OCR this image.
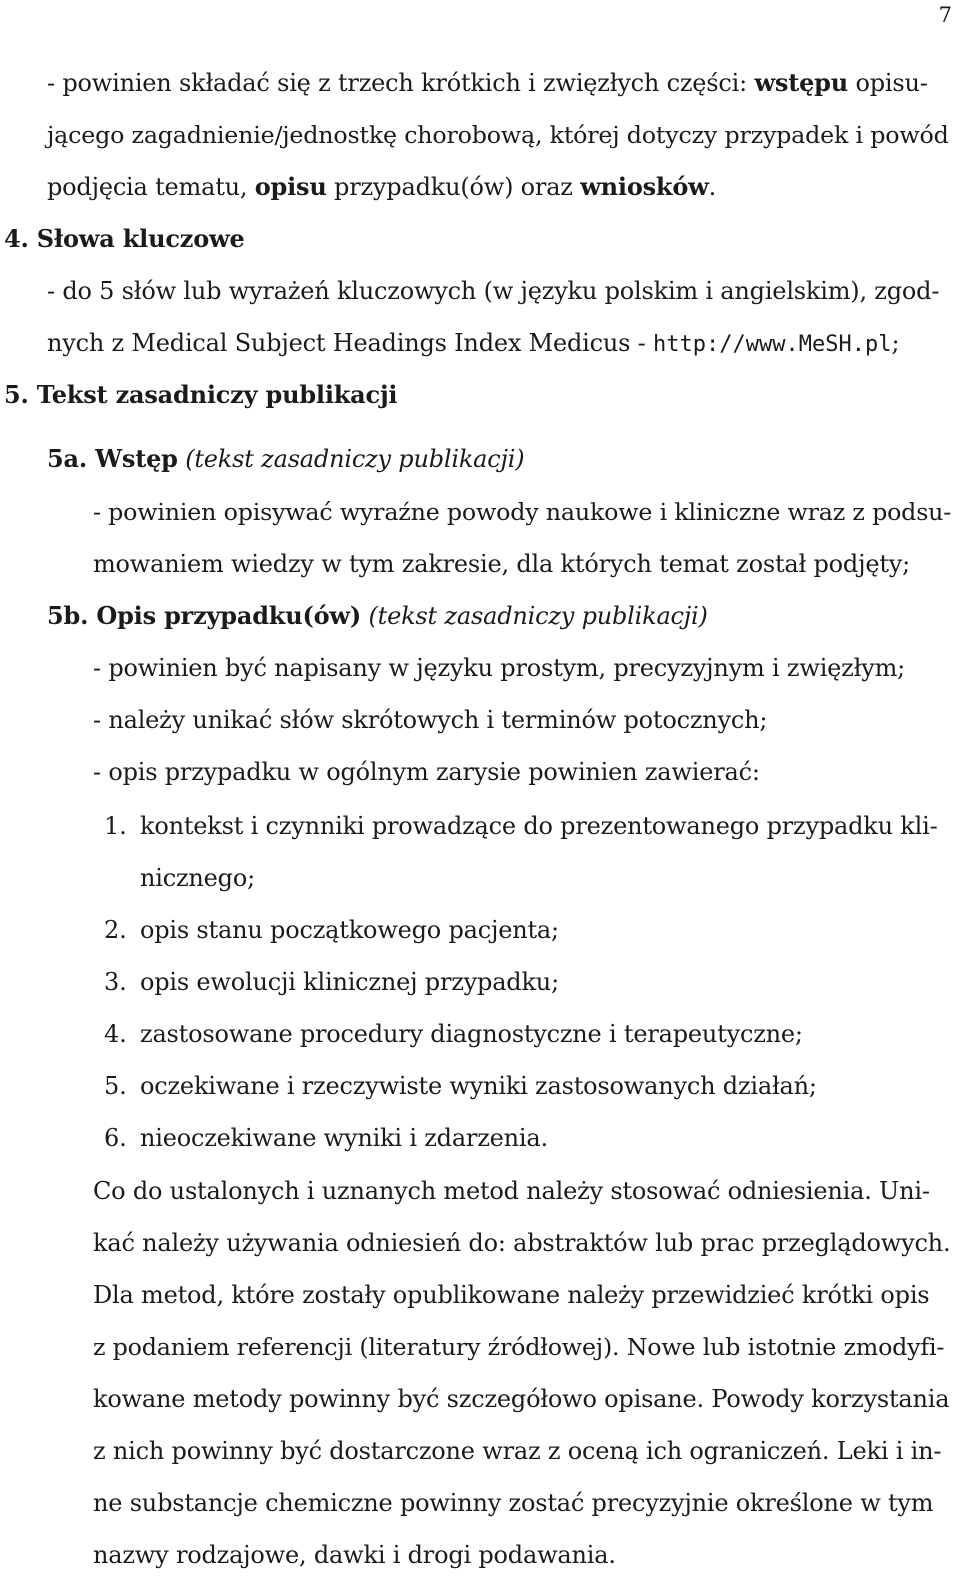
7
- powinien składać się z trzech krótkich i zwięzłych części: wstępu opisu-
jącego zagadnienie/jednostkę chorobową, której dotyczy przypadek i powód
podjęcia tematu, opisu przypadku(ów) oraz wniosków.
4. Słowa kluczowe
- do 5 słów lub wyrażeń kluczowych (w języku polskim i angielskim), zgod-
nych z Medical Subject Headings Index Medicus - http://www.MeSH.pl;
5. Tekst zasadniczy publikacji
5a. Wstęp (tekst zasadniczy publikacji)
- powinien opisywać wyraźne powody naukowe i kliniczne wraz z podsu-
mowaniem wiedzy w tym zakresie, dla których temat został podjęty;
5b. Opis przypadku(ów) (tekst zasadniczy publikacji)
- powinien być napisany w języku prostym, precyzyjnym i zwięzłym;
- należy unikać słów skrótowych i terminów potocznych;
- opis przypadku w ogólnym zarysie powinien zawierać:
1. kontekst i czynniki prowadzące do prezentowanego przypadku kli-
nicznego;
2. opis stanu początkowego pacjenta;
3. opis ewolucji klinicznej przypadku;
4. zastosowane procedury diagnostyczne i terapeutyczne;
5. oczekiwane i rzeczywiste wyniki zastosowanych działań;
6. nieoczekiwane wyniki i zdarzenia.
Co do ustalonych i uznanych metod należy stosować odniesienia. Uni-
kać należy używania odniesień do: abstraktów lub prac przeglądowych.
Dla metod, które zostały opublikowane należy przewidzieć krótki opis
z podaniem referencji (literatury źródłowej). Nowe lub istotnie zmodyfi-
kowane metody powinny być szczegółowo opisane. Powody korzystania
z nich powinny być dostarczone wraz z oceną ich ograniczeń. Leki i in-
ne substancje chemiczne powinny zostać precyzyjnie określone w tym
nazwy rodzajowe, dawki i drogi podawania.
